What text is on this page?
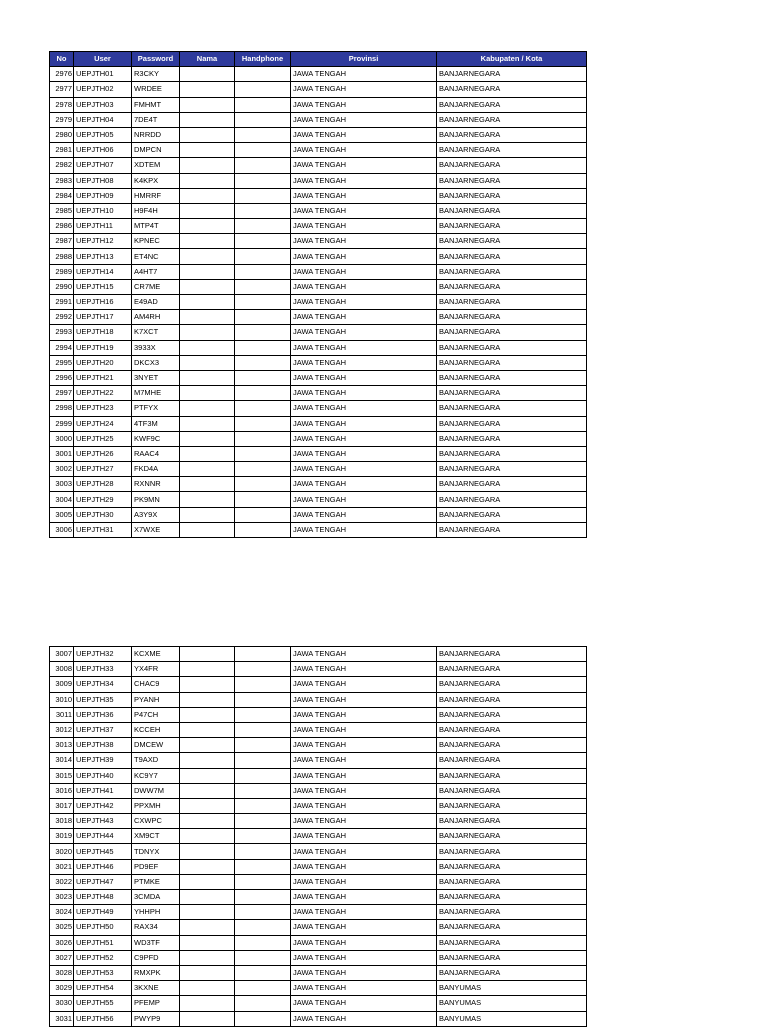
No	User	Password	Nama	Handphone	Provinsi	Kabupaten / Kota
2976	UEPJTH01	R3CKY			JAWA TENGAH	BANJARNEGARA
2977	UEPJTH02	WRDEE			JAWA TENGAH	BANJARNEGARA
2978	UEPJTH03	FMHMT			JAWA TENGAH	BANJARNEGARA
2979	UEPJTH04	7DE4T			JAWA TENGAH	BANJARNEGARA
2980	UEPJTH05	NRRDD			JAWA TENGAH	BANJARNEGARA
2981	UEPJTH06	DMPCN			JAWA TENGAH	BANJARNEGARA
2982	UEPJTH07	XDTEM			JAWA TENGAH	BANJARNEGARA
2983	UEPJTH08	K4KPX			JAWA TENGAH	BANJARNEGARA
2984	UEPJTH09	HMRRF			JAWA TENGAH	BANJARNEGARA
2985	UEPJTH10	H9F4H			JAWA TENGAH	BANJARNEGARA
2986	UEPJTH11	MTP4T			JAWA TENGAH	BANJARNEGARA
2987	UEPJTH12	KPNEC			JAWA TENGAH	BANJARNEGARA
2988	UEPJTH13	ET4NC			JAWA TENGAH	BANJARNEGARA
2989	UEPJTH14	A4HT7			JAWA TENGAH	BANJARNEGARA
2990	UEPJTH15	CR7ME			JAWA TENGAH	BANJARNEGARA
2991	UEPJTH16	E49AD			JAWA TENGAH	BANJARNEGARA
2992	UEPJTH17	AM4RH			JAWA TENGAH	BANJARNEGARA
2993	UEPJTH18	K7XCT			JAWA TENGAH	BANJARNEGARA
2994	UEPJTH19	3933X			JAWA TENGAH	BANJARNEGARA
2995	UEPJTH20	DKCX3			JAWA TENGAH	BANJARNEGARA
2996	UEPJTH21	3NYET			JAWA TENGAH	BANJARNEGARA
2997	UEPJTH22	M7MHE			JAWA TENGAH	BANJARNEGARA
2998	UEPJTH23	PTFYX			JAWA TENGAH	BANJARNEGARA
2999	UEPJTH24	4TF3M			JAWA TENGAH	BANJARNEGARA
3000	UEPJTH25	KWF9C			JAWA TENGAH	BANJARNEGARA
3001	UEPJTH26	RAAC4			JAWA TENGAH	BANJARNEGARA
3002	UEPJTH27	FKD4A			JAWA TENGAH	BANJARNEGARA
3003	UEPJTH28	RXNNR			JAWA TENGAH	BANJARNEGARA
3004	UEPJTH29	PK9MN			JAWA TENGAH	BANJARNEGARA
3005	UEPJTH30	A3Y9X			JAWA TENGAH	BANJARNEGARA
3006	UEPJTH31	X7WXE			JAWA TENGAH	BANJARNEGARA
3007	UEPJTH32	KCXME			JAWA TENGAH	BANJARNEGARA
3008	UEPJTH33	YX4FR			JAWA TENGAH	BANJARNEGARA
3009	UEPJTH34	CHAC9			JAWA TENGAH	BANJARNEGARA
3010	UEPJTH35	PYANH			JAWA TENGAH	BANJARNEGARA
3011	UEPJTH36	P47CH			JAWA TENGAH	BANJARNEGARA
3012	UEPJTH37	KCCEH			JAWA TENGAH	BANJARNEGARA
3013	UEPJTH38	DMCEW			JAWA TENGAH	BANJARNEGARA
3014	UEPJTH39	T9AXD			JAWA TENGAH	BANJARNEGARA
3015	UEPJTH40	KC9Y7			JAWA TENGAH	BANJARNEGARA
3016	UEPJTH41	DWW7M			JAWA TENGAH	BANJARNEGARA
3017	UEPJTH42	PPXMH			JAWA TENGAH	BANJARNEGARA
3018	UEPJTH43	CXWPC			JAWA TENGAH	BANJARNEGARA
3019	UEPJTH44	XM9CT			JAWA TENGAH	BANJARNEGARA
3020	UEPJTH45	TDNYX			JAWA TENGAH	BANJARNEGARA
3021	UEPJTH46	PD9EF			JAWA TENGAH	BANJARNEGARA
3022	UEPJTH47	PTMKE			JAWA TENGAH	BANJARNEGARA
3023	UEPJTH48	3CMDA			JAWA TENGAH	BANJARNEGARA
3024	UEPJTH49	YHHPH			JAWA TENGAH	BANJARNEGARA
3025	UEPJTH50	RAX34			JAWA TENGAH	BANJARNEGARA
3026	UEPJTH51	WD3TF			JAWA TENGAH	BANJARNEGARA
3027	UEPJTH52	C9PFD			JAWA TENGAH	BANJARNEGARA
3028	UEPJTH53	RMXPK			JAWA TENGAH	BANJARNEGARA
3029	UEPJTH54	3KXNE			JAWA TENGAH	BANYUMAS
3030	UEPJTH55	PFEMP			JAWA TENGAH	BANYUMAS
3031	UEPJTH56	PWYP9			JAWA TENGAH	BANYUMAS
